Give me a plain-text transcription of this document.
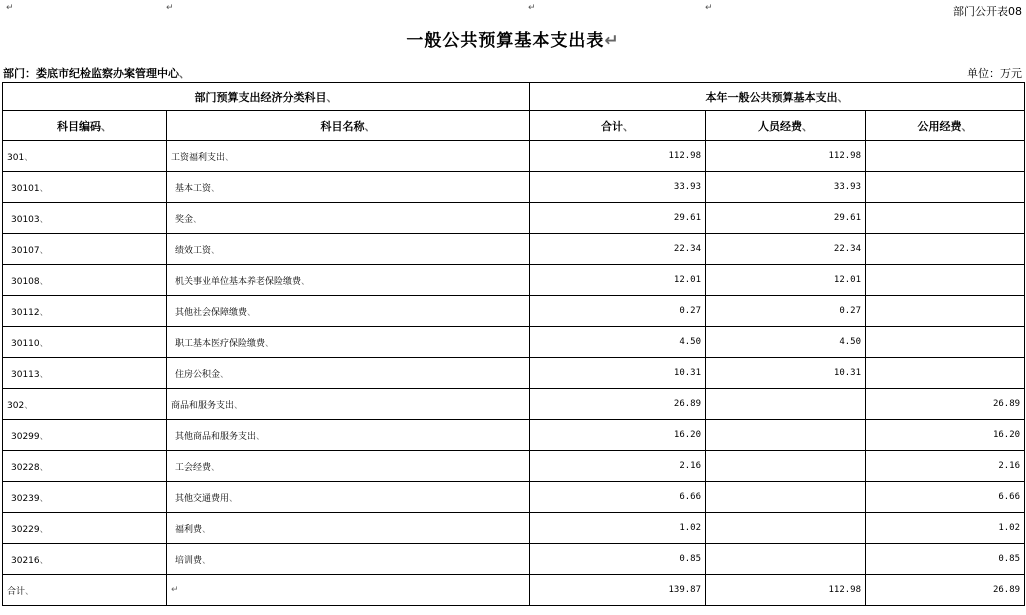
↵	↵	↵	↵	部门公开表08
一般公共预算基本支出表↵
部门：娄底市纪检监察办案管理中心、	单位：万元
部门预算支出经济分类科目、		本年一般公共预算基本支出、		
科目编码、	科目名称、	合计、	人员经费、	公用经费、
301、	工资福利支出、	112.98	112.98	
30101、	基本工资、	33.93	33.93	
30103、	奖金、	29.61	29.61	
30107、	绩效工资、	22.34	22.34	
30108、	机关事业单位基本养老保险缴费、	12.01	12.01	
30112、	其他社会保障缴费、	0.27	0.27	
30110、	职工基本医疗保险缴费、	4.50	4.50	
30113、	住房公积金、	10.31	10.31	
302、	商品和服务支出、	26.89		26.89
30299、	其他商品和服务支出、	16.20		16.20
30228、	工会经费、	2.16		2.16
30239、	其他交通费用、	6.66		6.66
30229、	福利费、	1.02		1.02
30216、	培训费、	0.85		0.85
合计、	↵	139.87	112.98	26.89
